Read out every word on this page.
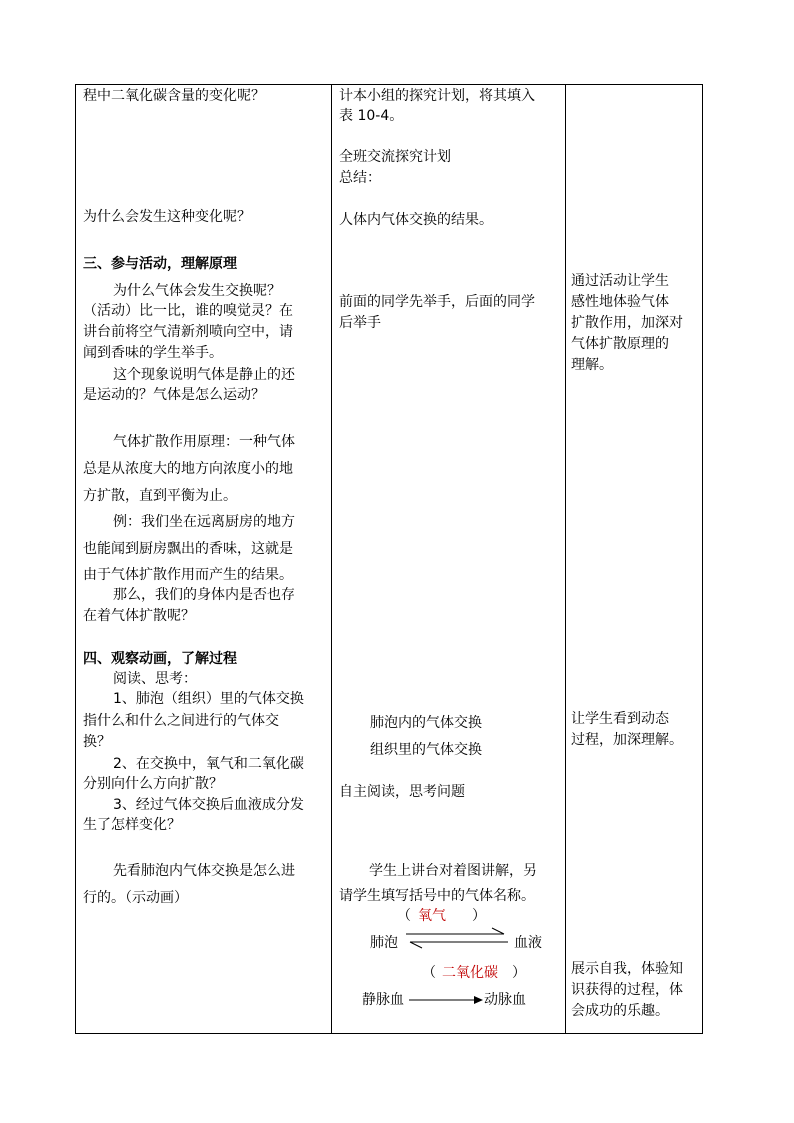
程中二氧化碳含量的变化呢？
为什么会发生这种变化呢？
三、参与活动，理解原理
为什么气体会发生交换呢？
（活动）比一比，谁的嗅觉灵？在
讲台前将空气清新剂喷向空中，请
闻到香味的学生举手。
这个现象说明气体是静止的还
是运动的？气体是怎么运动？
气体扩散作用原理：一种气体
总是从浓度大的地方向浓度小的地
方扩散，直到平衡为止。
例：我们坐在远离厨房的地方
也能闻到厨房飘出的香味，这就是
由于气体扩散作用而产生的结果。
那么，我们的身体内是否也存
在着气体扩散呢？
四、观察动画，了解过程
阅读、思考：
1、肺泡（组织）里的气体交换
指什么和什么之间进行的气体交
换？
2、在交换中，氧气和二氧化碳
分别向什么方向扩散？
3、经过气体交换后血液成分发
生了怎样变化？
先看肺泡内气体交换是怎么进
行的。（示动画）
计本小组的探究计划，将其填入
表 10-4。
全班交流探究计划
总结：
人体内气体交换的结果。
前面的同学先举手，后面的同学
后举手
肺泡内的气体交换
组织里的气体交换
自主阅读，思考问题
学生上讲台对着图讲解，另
请学生填写括号中的气体名称。
（ 氧气 ）
肺泡	血液
（ 二氧化碳 ）
静脉血	动脉血
通过活动让学生
感性地体验气体
扩散作用，加深对
气体扩散原理的
理解。
让学生看到动态
过程，加深理解。
展示自我，体验知
识获得的过程，体
会成功的乐趣。
